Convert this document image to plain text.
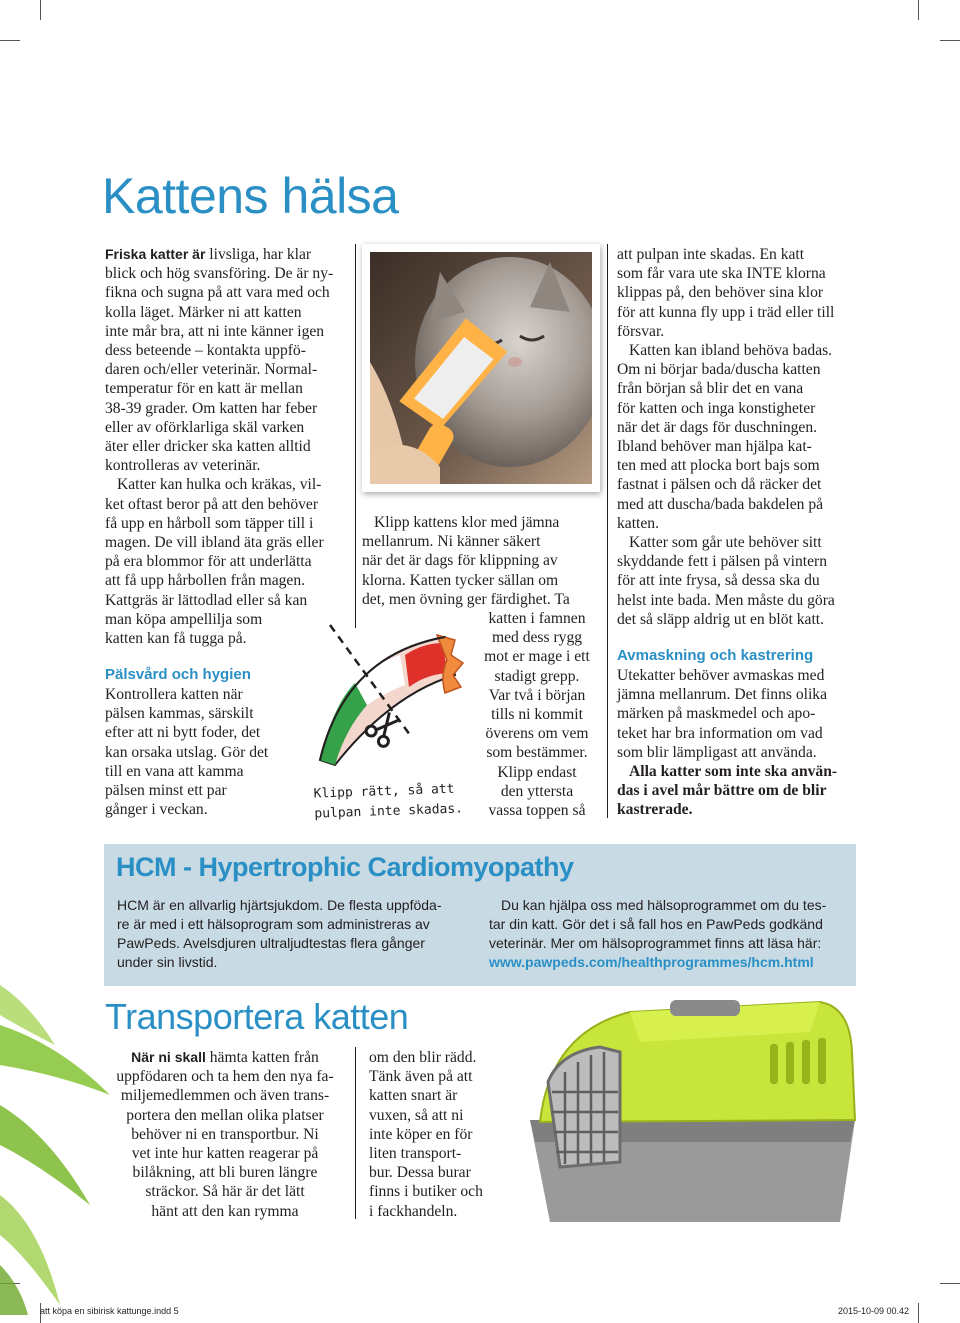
Kattens hälsa
Friska katter är livsliga, har klar
blick och hög svansföring. De är ny-
fikna och sugna på att vara med och
kolla läget. Märker ni att katten
inte mår bra, att ni inte känner igen
dess beteende – kontakta uppfö-
daren och/eller veterinär. Normal-
temperatur för en katt är mellan
38-39 grader. Om katten har feber
eller av oförklarliga skäl varken
äter eller dricker ska katten alltid
kontrolleras av veterinär.
Katter kan hulka och kräkas, vil-
ket oftast beror på att den behöver
få upp en hårboll som täpper till i
magen. De vill ibland äta gräs eller
på era blommor för att underlätta
att få upp hårbollen från magen.
Kattgräs är lättodlad eller så kan
man köpa ampellilja som
katten kan få tugga på.
Pälsvård och hygien
Kontrollera katten när
pälsen kammas, särskilt
efter att ni bytt foder, det
kan orsaka utslag. Gör det
till en vana att kamma
pälsen minst ett par
gånger i veckan.
Klipp kattens klor med jämna
mellanrum. Ni känner säkert
när det är dags för klippning av
klorna. Katten tycker sällan om
det, men övning ger färdighet. Ta
katten i famnen
med dess rygg
mot er mage i ett
stadigt grepp.
Var två i början
tills ni kommit
överens om vem
som bestämmer.
Klipp endast
den yttersta
vassa toppen så
Klipp rätt, så att
pulpan inte skadas.
att pulpan inte skadas. En katt
som får vara ute ska INTE klorna
klippas på, den behöver sina klor
för att kunna fly upp i träd eller till
försvar.
Katten kan ibland behöva badas.
Om ni börjar bada/duscha katten
från början så blir det en vana
för katten och inga konstigheter
när det är dags för duschningen.
Ibland behöver man hjälpa kat-
ten med att plocka bort bajs som
fastnat i pälsen och då räcker det
med att duscha/bada bakdelen på
katten.
Katter som går ute behöver sitt
skyddande fett i pälsen på vintern
för att inte frysa, så dessa ska du
helst inte bada. Men måste du göra
det så släpp aldrig ut en blöt katt.
Avmaskning och kastrering
Utekatter behöver avmaskas med
jämna mellanrum. Det finns olika
märken på maskmedel och apo-
teket har bra information om vad
som blir lämpligast att använda.
Alla katter som inte ska använ-
das i avel mår bättre om de blir
kastrerade.
HCM - Hypertrophic Cardiomyopathy
HCM är en allvarlig hjärtsjukdom. De flesta uppföda-
re är med i ett hälsoprogram som administreras av
PawPeds. Avelsdjuren ultraljudtestas flera gånger
under sin livstid.
Du kan hjälpa oss med hälsoprogrammet om du tes-
tar din katt. Gör det i så fall hos en PawPeds godkänd
veterinär. Mer om hälsoprogrammet finns att läsa här:
www.pawpeds.com/healthprogrammes/hcm.html
Transportera katten
När ni skall hämta katten från
uppfödaren och ta hem den nya fa-
miljemedlemmen och även trans-
portera den mellan olika platser
behöver ni en transportbur. Ni
vet inte hur katten reagerar på
bilåkning, att bli buren längre
sträckor. Så här är det lätt
hänt att den kan rymma
om den blir rädd.
Tänk även på att
katten snart är
vuxen, så att ni
inte köper en för
liten transport-
bur. Dessa burar
finns i butiker och
i fackhandeln.
att köpa en sibirisk kattunge.indd 5	2015-10-09 00.42
